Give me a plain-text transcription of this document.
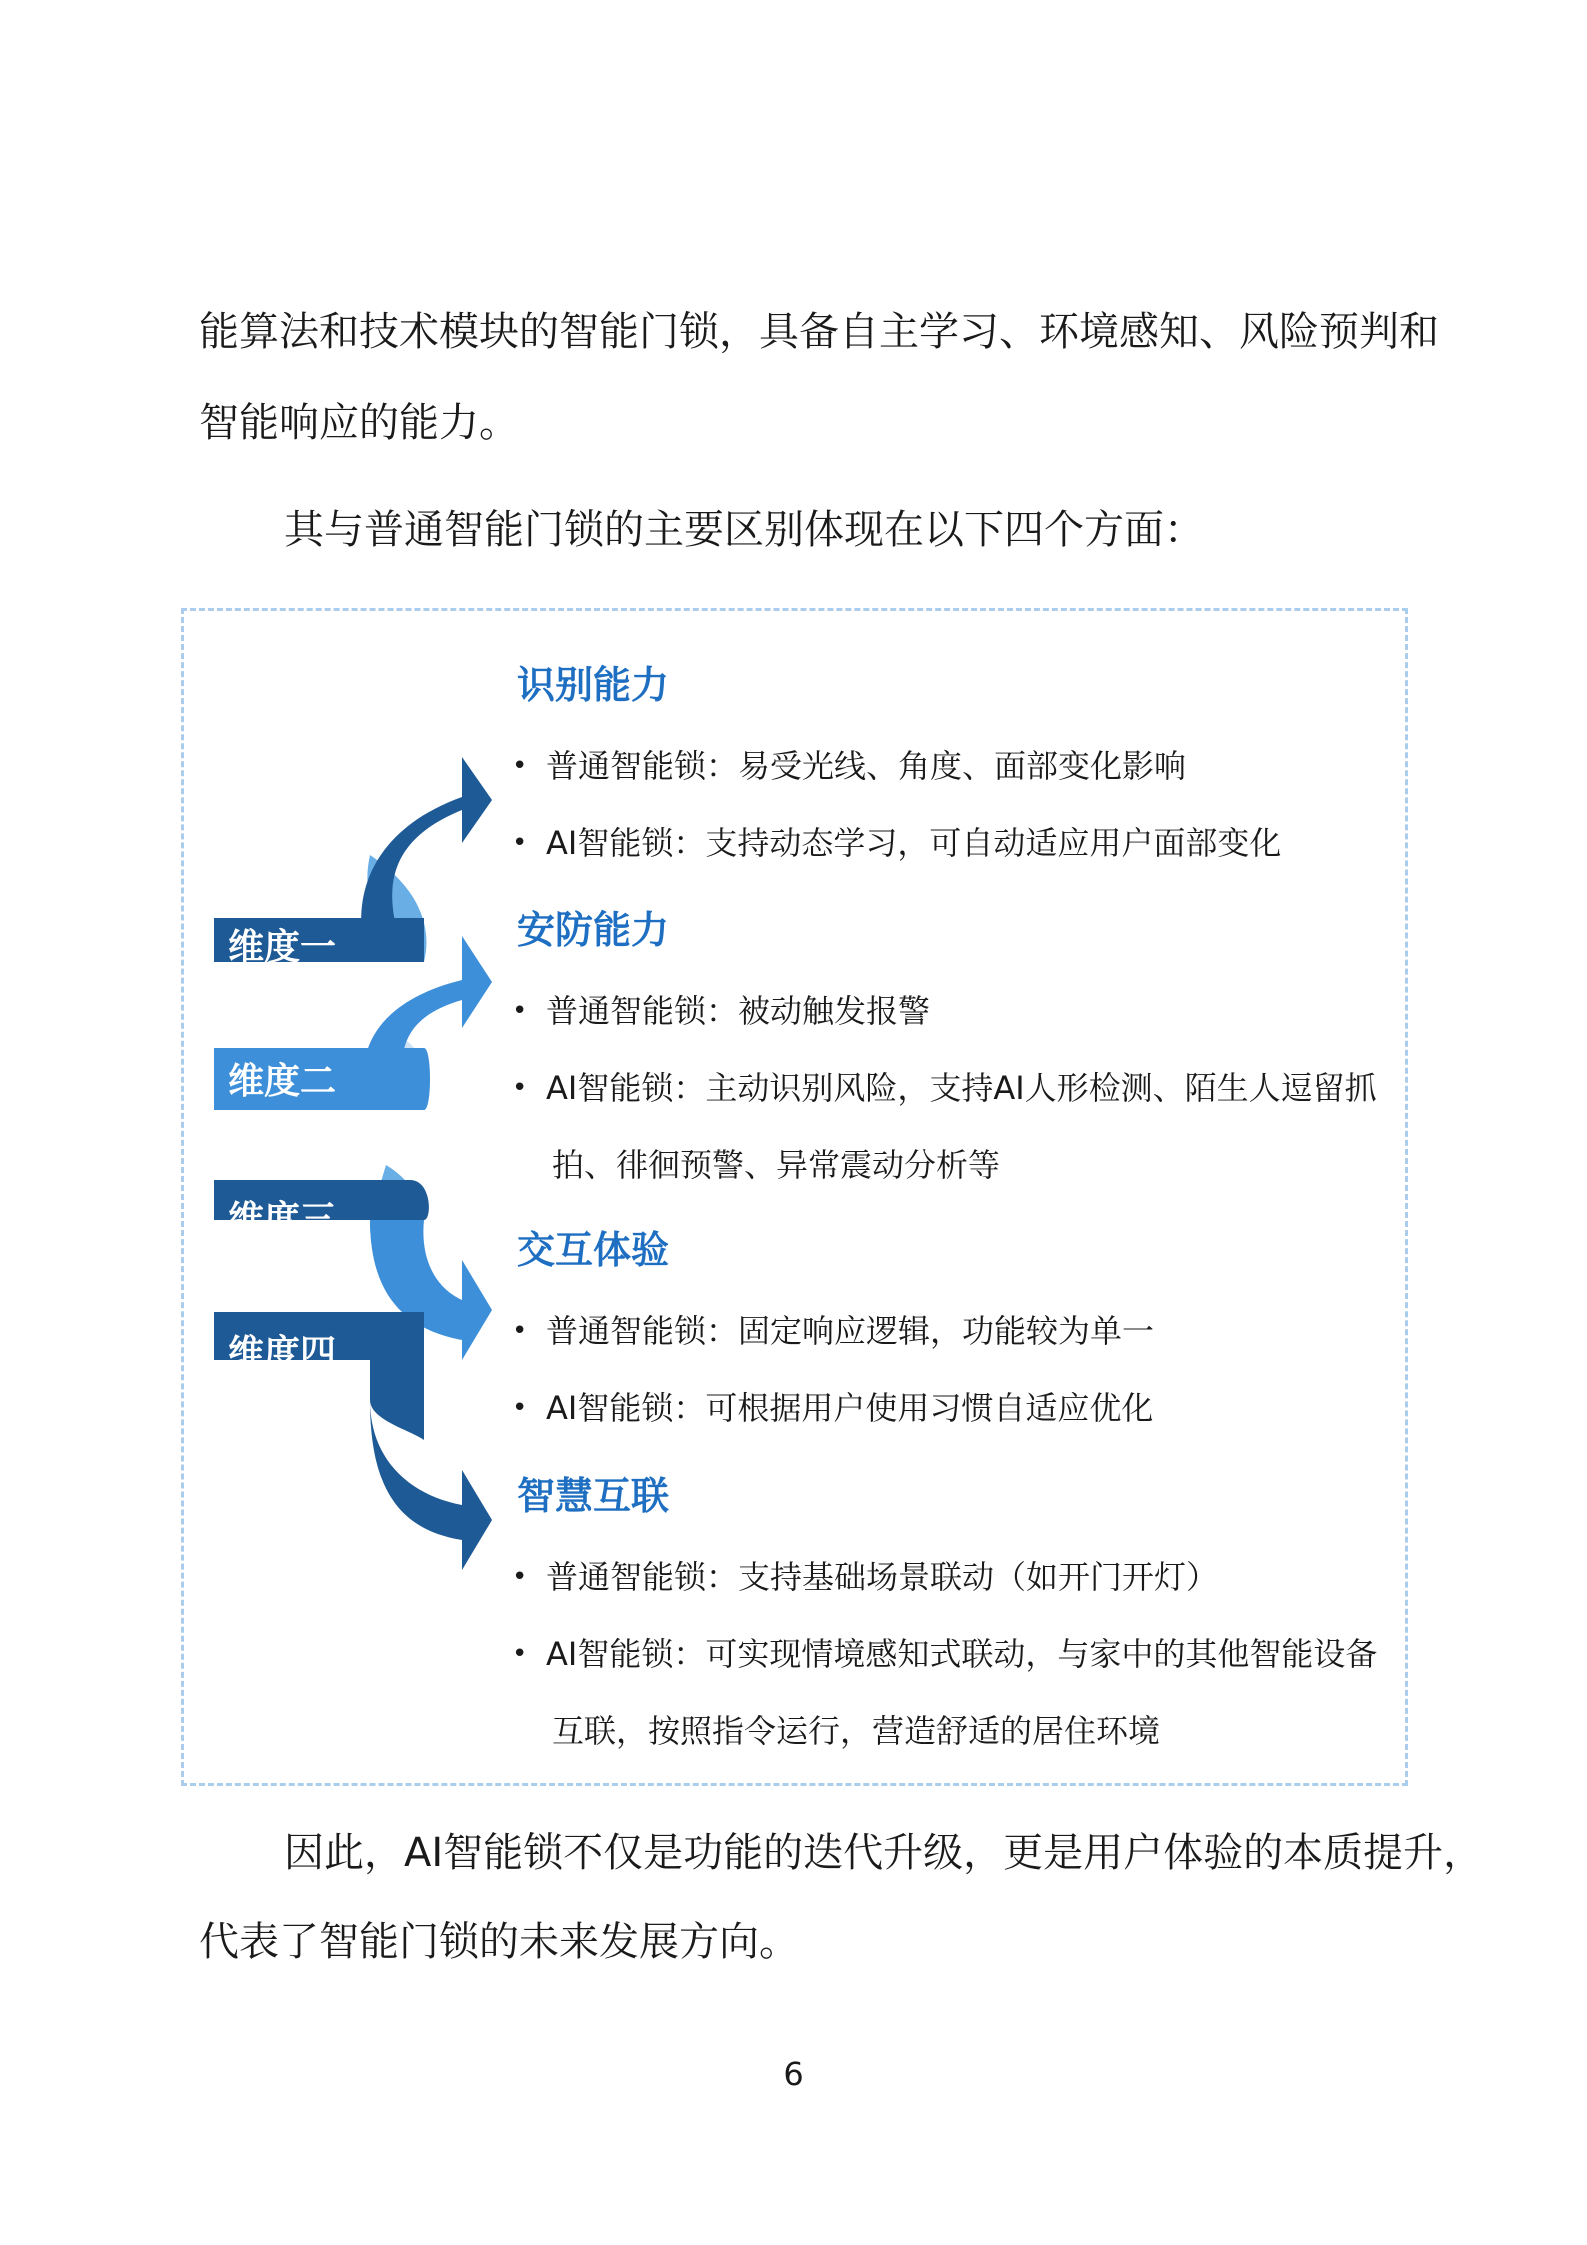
能算法和技术模块的智能门锁，具备自主学习、环境感知、风险预判和

智能响应的能力。

其与普通智能门锁的主要区别体现在以下四个方面：

维度一
维度二
维度三
维度四
识别能力
• 普通智能锁：易受光线、角度、面部变化影响
• AI智能锁：支持动态学习，可自动适应用户面部变化
安防能力
• 普通智能锁：被动触发报警
• AI智能锁：主动识别风险，支持AI人形检测、陌生人逗留抓
拍、徘徊预警、异常震动分析等
交互体验
• 普通智能锁：固定响应逻辑，功能较为单一
• AI智能锁：可根据用户使用习惯自适应优化
智慧互联
• 普通智能锁：支持基础场景联动（如开门开灯）
• AI智能锁：可实现情境感知式联动，与家中的其他智能设备
互联，按照指令运行，营造舒适的居住环境

因此，AI智能锁不仅是功能的迭代升级，更是用户体验的本质提升，

代表了智能门锁的未来发展方向。

6
